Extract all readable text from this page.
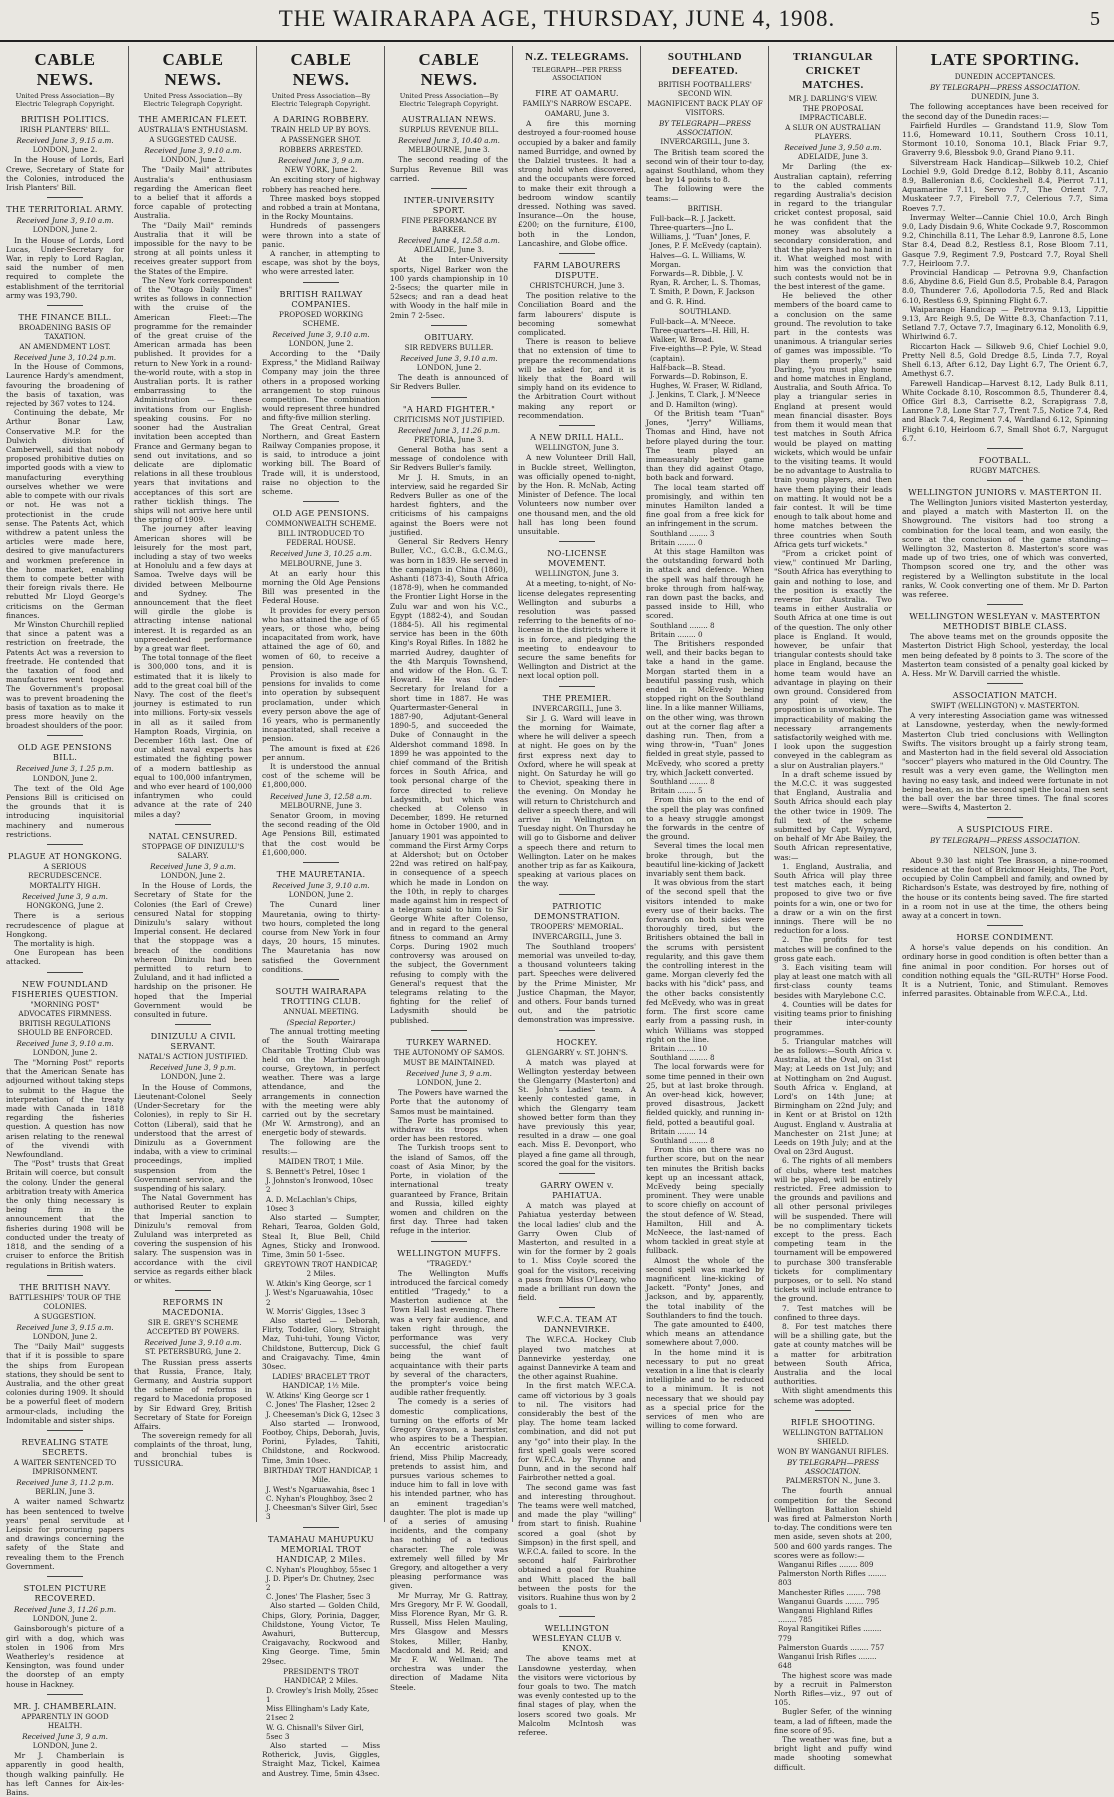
THE WAIRARAPA AGE, THURSDAY, JUNE 4, 1908.	5
CABLE NEWS.
United Press Association—By Electric Telegraph Copyright.
BRITISH POLITICS.
IRISH PLANTERS' BILL.
Received June 3, 9.15 a.m.
LONDON, June 2.

In the House of Lords, Earl Crewe, Secretary of State for the Colonies, introduced the Irish Planters' Bill.

THE TERRITORIAL ARMY.
Received June 3, 9.10 a.m.
LONDON, June 2.

In the House of Lords, Lord Lucas, Under-Secretary for War, in reply to Lord Raglan, said the number of men required to complete the establishment of the territorial army was 193,790.

THE FINANCE BILL.
BROADENING BASIS OF TAXATION.
AN AMENDMENT LOST.
Received June 3, 10.24 p.m.

In the House of Commons, Laurence Hardy's amendment, favouring the broadening of the basis of taxation, was rejected by 367 votes to 124.

Continuing the debate, Mr Arthur Bonar Law, Conservative M.P. for the Dulwich division of Camberwell, said that nobody proposed prohibitive duties on imported goods with a view to manufacturing everything ourselves whether we were able to compete with our rivals or not. He was not a protectionist in the crude sense. The Patents Act, which withdrew a patent unless the articles were made here, desired to give manufacturers and workmen preference in the home market, enabling them to compete better with their foreign rivals there. He rebutted Mr Lloyd George's criticisms on the German finances.

Mr Winston Churchill replied that since a patent was a restriction on freetrade, the Patents Act was a reversion to freetrade. He contended that the taxation of food and manufactures went together. The Government's proposal was to prevent broadening the basis of taxation as to make it press more heavily on the broadest shoulders of the poor.

OLD AGE PENSIONS BILL.
Received June 3, 1.25 p.m.
LONDON, June 2.

The text of the Old Age Pensions Bill is criticised on the grounds that it is introducing inquisitorial machinery and numerous restrictions.

PLAGUE AT HONGKONG.
A SERIOUS RECRUDESCENCE.
MORTALITY HIGH.
Received June 3, 9 a.m.
HONGKONG, June 2.

There is a serious recrudescence of plague at Hongkong.

The mortality is high.

One European has been attacked.

NEW FOUNDLAND FISHERIES QUESTION.
"MORNING POST" ADVOCATES FIRMNESS.
BRITISH REGULATIONS SHOULD BE ENFORCED.
Received June 3, 9.10 a.m.
LONDON, June 2.

The "Morning Post" reports that the American Senate has adjourned without taking steps to submit to the Hague the interpretation of the treaty made with Canada in 1818 regarding the fisheries question. A question has now arisen relating to the renewal of the vivendi with Newfoundland.

The "Post" trusts that Great Britain will coerce, but consult the colony. Under the general arbitration treaty with America the only thing necessary is being firm in the announcement that the fisheries during 1908 will be conducted under the treaty of 1818, and the sending of a cruiser to enforce the British regulations in British waters.

THE BRITISH NAVY.
BATTLESHIPS' TOUR OF THE COLONIES.
A SUGGESTION.
Received June 3, 9.15 a.m.
LONDON, June 2.

The "Daily Mail" suggests that if it is possible to spare the ships from European stations, they should be sent to Australia, and the other great colonies during 1909. It should be a powerful fleet of modern armour-clads, including the Indomitable and sister ships.

REVEALING STATE SECRETS.
A WAITER SENTENCED TO IMPRISONMENT.
Received June 3, 11.2 p.m.
BERLIN, June 3.

A waiter named Schwartz has been sentenced to twelve years' penal servitude at Leipsic for procuring papers and drawings concerning the safety of the State and revealing them to the French Government.

STOLEN PICTURE RECOVERED.
Received June 3, 11.26 p.m.
LONDON, June 2.

Gainsborough's picture of a girl with a dog, which was stolen in 1906 from Mrs Weatherley's residence at Kensington, was found under the doorstep of an empty house in Hackney.

MR. J. CHAMBERLAIN.
APPARENTLY IN GOOD HEALTH.
Received June 3, 9 a.m.
LONDON, June 2.

Mr J. Chamberlain is apparently in good health, though walking painfully. He has left Cannes for Aix-les-Bains.

CABLE NEWS.
United Press Association—By Electric Telegraph Copyright.
THE AMERICAN FLEET.
AUSTRALIA'S ENTHUSIASM.
A SUGGESTED CAUSE.
Received June 3, 9.10 a.m.
LONDON, June 2.

The "Daily Mail" attributes Australia's enthusiasm regarding the American fleet to a belief that it affords a force capable of protecting Australia.

The "Daily Mail" reminds Australia that it will be impossible for the navy to be strong at all points unless it receives greater support from the States of the Empire.

The New York correspondent of the "Otago Daily Times" writes as follows in connection with the cruise of the American Fleet:—The programme for the remainder of the great cruise of the American armada has been published. It provides for a return to New York in a round-the-world route, with a stop in Australian ports. It is rather embarrassing to the Administration — these invitations from our English-speaking cousins. For no sooner had the Australian invitation been accepted than France and Germany began to send out invitations, and so delicate are diplomatic relations in all these troublous years that invitations and acceptances of this sort are rather ticklish things. The ships will not arrive here until the spring of 1909.

The journey after leaving American shores will be leisurely for the most part, including a stay of two weeks at Honolulu and a few days at Samoa. Twelve days will be divided between Melbourne and Sydney. The announcement that the fleet will girdle the globe is attracting intense national interest. It is regarded as an unprecedented performance by a great war fleet.

The total tonnage of the fleet is 300,000 tons, and it is estimated that it is likely to add to the great coal bill of the Navy. The cost of the fleet's journey is estimated to run into millions. Forty-six vessels in all as it sailed from Hampton Roads, Virginia, on December 16th last. One of our ablest naval experts has estimated the fighting power of a modern battleship as equal to 100,000 infantrymen, and who ever heard of 100,000 infantrymen who could advance at the rate of 240 miles a day?

NATAL CENSURED.
STOPPAGE OF DINIZULU'S SALARY.
Received June 3, 9 a.m.
LONDON, June 2.

In the House of Lords, the Secretary of State for the Colonies (the Earl of Crewe) censured Natal for stopping Dinizulu's salary without Imperial consent. He declared that the stoppage was a breach of the conditions whereon Dinizulu had been permitted to return to Zululand, and it had inflicted a hardship on the prisoner. He hoped that the Imperial Government would be consulted in future.

DINIZULU A CIVIL SERVANT.
NATAL'S ACTION JUSTIFIED.
Received June 3, 9 p.m.
LONDON, June 2.

In the House of Commons, Lieutenant-Colonel Seely (Under-Secretary for the Colonies), in reply to Sir H. Cotton (Liberal), said that he understood that the arrest of Dinizulu as a Government indaba, with a view to criminal proceedings, implied suspension from the Government service, and the suspending of his salary.

The Natal Government has authorised Reuter to explain that Imperial sanction to Dinizulu's removal from Zululand was interpreted as covering the suspension of his salary. The suspension was in accordance with the civil service as regards either black or whites.

REFORMS IN MACEDONIA.
SIR E. GREY'S SCHEME ACCEPTED BY POWERS.
Received June 3, 9.10 a.m.
ST. PETERSBURG, June 2.

The Russian press asserts that Russia, France, Italy, Germany, and Austria support the scheme of reforms in regard to Macedonia proposed by Sir Edward Grey, British Secretary of State for Foreign Affairs.

The sovereign remedy for all complaints of the throat, lung, and bronchial tubes is TUSSICURA.

CABLE NEWS.
United Press Association—By Electric Telegraph Copyright.
A DARING ROBBERY.
TRAIN HELD UP BY BOYS.
A PASSENGER SHOT.
ROBBERS ARRESTED.
Received June 3, 9 a.m.
NEW YORK, June 2.

An exciting story of highway robbery has reached here.

Three masked boys stopped and robbed a train at Montana, in the Rocky Mountains.

Hundreds of passengers were thrown into a state of panic.

A rancher, in attempting to escape, was shot by the boys, who were arrested later.

BRITISH RAILWAY COMPANIES.
PROPOSED WORKING SCHEME.
Received June 3, 9.10 a.m.
LONDON, June 2.

According to the "Daily Express," the Midland Railway Company may join the three others in a proposed working arrangement to stop ruinous competition. The combination would represent three hundred and fifty-five million sterling.

The Great Central, Great Northern, and Great Eastern Railway Companies propose, it is said, to introduce a joint working bill. The Board of Trade will, it is understood, raise no objection to the scheme.

OLD AGE PENSIONS.
COMMONWEALTH SCHEME.
BILL INTRODUCED TO FEDERAL HOUSE.
Received June 3, 10.25 a.m.
MELBOURNE, June 3.

At an early hour this morning the Old Age Pensions Bill was presented in the Federal House.

It provides for every person who has attained the age of 65 years, or those who, being incapacitated from work, have attained the age of 60, and women of 60, to receive a pension.

Provision is also made for pensions for invalids to come into operation by subsequent proclamation, under which every person above the age of 16 years, who is permanently incapacitated, shall receive a pension.

The amount is fixed at £26 per annum.

It is understood the annual cost of the scheme will be £1,800,000.

Received June 3, 12.58 a.m.
MELBOURNE, June 3.

Senator Groom, in moving the second reading of the Old Age Pensions Bill, estimated that the cost would be £1,600,000.

THE MAURETANIA.
Received June 3, 9.10 a.m.
LONDON, June 2.

The Cunard liner Mauretania, owing to thirty-two hours, completed the long course from New York in four days, 20 hours, 15 minutes. The Mauretania has now satisfied the Government conditions.

SOUTH WAIRARAPA TROTTING CLUB.
ANNUAL MEETING.
(Special Reporter.)

The annual trotting meeting of the South Wairarapa Charitable Trotting Club was held on the Martinborough course, Greytown, in perfect weather. There was a large attendance, and the arrangements in connection with the meeting were ably carried out by the secretary (Mr W. Armstrong), and an energetic body of stewards.

The following are the results:—

MAIDEN TROT, 1 Mile.
S. Bennett's Petrel, 10sec 1
J. Johnston's Ironwood, 10sec 2
A. D. McLachlan's Chips, 10sec 3

Also started — Sumpter, Rehari, Tearoa, Golden Gold, Steal It, Blue Bell, Child Agnes, Sticky and Ironwood. Time, 3min 50 1-5sec.

GREYTOWN TROT HANDICAP, 2 Miles.
W. Atkin's King George, scr 1
J. West's Ngaruawahia, 10sec 2
W. Morris' Giggles, 13sec 3

Also started — Deborah, Flirty, Toddler, Glory, Straight Maz, Tuhi-tuhi, Young Victor, Childstone, Buttercup, Dick G and Craigavachy. Time, 4min 30sec.

LADIES' BRACELET TROT HANDICAP, 1½ Mile.
W. Atkins' King George scr 1
C. Jones' The Flasher, 12sec 2
J. Cheeseman's Dick G, 12sec 3

Also started — Ironwood, Footboy, Chips, Deborah, Juvis, Porini, Fylades, Tahiti, Childstone, and Rockwood. Time, 3min 10sec.

BIRTHDAY TROT HANDICAP, 1 Mile.
J. West's Ngaruawahia, 8sec 1
C. Nyhan's Ploughboy, 3sec 2
J. Cheesman's Silver Girl, 5sec 3
TAMAHAU MAHUPUKU MEMORIAL TROT HANDICAP, 2 Miles.
C. Nyhan's Ploughboy, 55sec 1
J. D. Piper's Dr. Chutney, 2sec 2
C. Jones' The Flasher, 5sec 3

Also started — Golden Child, Chips, Glory, Porinia, Dagger, Childstone, Young Victor, Te Awahuri, Buttercup, Craigavachy, Rockwood and King George. Time, 5min 29sec.

PRESIDENT'S TROT HANDICAP, 2 Miles.
D. Crowley's Irish Molly, 25sec 1
Miss Ellingham's Lady Kate, 21sec 2
W. G. Chisnall's Silver Girl, 5sec 3

Also started — Miss Rotherick, Juvis, Giggles, Straight Maz, Tickel, Kaimea and Austrey. Time, 5min 43sec.

CABLE NEWS.
United Press Association—By Electric Telegraph Copyright.
AUSTRALIAN NEWS.
SURPLUS REVENUE BILL.
Received June 3, 10.40 a.m.
MELBOURNE, June 3.

The second reading of the Surplus Revenue Bill was carried.

INTER-UNIVERSITY SPORT.
FINE PERFORMANCE BY BARKER.
Received June 4, 12.58 a.m.
ADELAIDE, June 3.

At the Inter-University sports, Nigel Barker won the 100 yards championship in 10 2-5secs; the quarter mile in 52secs; and ran a dead heat with Woody in the half mile in 2min 7 2-5sec.

OBITUARY.
SIR REDVERS BULLER.
Received June 3, 9.10 a.m.
LONDON, June 2.

The death is announced of Sir Redvers Buller.

"A HARD FIGHTER."
CRITICISMS NOT JUSTIFIED.
Received June 3, 11.26 p.m.
PRETORIA, June 3.

General Botha has sent a message of condolence with Sir Redvers Buller's family.

Mr J. H. Smuts, in an interview, said he regarded Sir Redvers Buller as one of the hardest fighters, and the criticisms of his campaigns against the Boers were not justified.

General Sir Redvers Henry Buller, V.C., G.C.B., G.C.M.G., was born in 1839. He served in the campaign in China (1860), Ashanti (1873-4), South Africa (1878-9), when he commanded the Frontier Light Horse in the Zulu war and won his V.C., Egypt (1882-4), and Soudan (1884-5). All his regimental service has been in the 60th King's Royal Rifles. In 1882 he married Audrey, daughter of the 4th Marquis Townshend, and widow of the Hon. G. T. Howard. He was Under-Secretary for Ireland for a short time in 1887. He was Quartermaster-General in 1887-90, Adjutant-General 1890-5, and succeeded the Duke of Connaught in the Aldershot command 1898. In 1899 he was appointed to the chief command of the British forces in South Africa, and took personal charge of the force directed to relieve Ladysmith, but which was checked at Colenso in December, 1899. He returned home in October 1900, and in January 1901 was appointed to command the First Army Corps at Aldershot; but on October 22nd was retired on half-pay, in consequence of a speech which he made in London on the 10th, in reply to charges made against him in respect of a telegram said to him to Sir George White after Colenso, and in regard to the general fitness to command an Army Corps. During 1902 much controversy was aroused on the subject, the Government refusing to comply with the General's request that the telegrams relating to the fighting for the relief of Ladysmith should be published.

TURKEY WARNED.
THE AUTONOMY OF SAMOS.
MUST BE MAINTAINED.
Received June 3, 9 a.m.
LONDON, June 2.

The Powers have warned the Porte that the autonomy of Samos must be maintained.

The Porte has promised to withdraw its troops when order has been restored.

The Turkish troops sent to the island of Samos, off the coast of Asia Minor, by the Porte, in violation of the international treaty guaranteed by France, Britain and Russia, killed eighty women and children on the first day. Three had taken refuge in the interior.

WELLINGTON MUFFS.
"TRAGEDY."

The Wellington Muffs introduced the farcical comedy entitled "Tragedy," to a Masterton audience at the Town Hall last evening. There was a very fair audience, and taken right through, the performance was very successful, the chief fault being the want of acquaintance with their parts by several of the characters, the prompter's voice being audible rather frequently.

The comedy is a series of domestic complications, turning on the efforts of Mr Gregory Grayson, a barrister, who aspires to be a Thespian. An eccentric aristocratic friend, Miss Philip Macready, pretends to assist him, and pursues various schemes to induce him to fall in love with his intended partner, who has an eminent tragedian's daughter. The plot is made up of a series of amusing incidents, and the company has nothing of a tedious character. The role was extremely well filled by Mr Gregory, and altogether a very pleasing performance was given.

Mr Murray, Mr G. Rattray, Mrs Gregory, Mr F. W. Goodall, Miss Florence Ryan, Mr G. R. Russell, Miss Helen Mauling, Mrs Glasgow and Messrs Stokes, Miller, Hanby, Macdonald and M. Reid; and Mr F. W. Wellman. The orchestra was under the direction of Madame Nita Steele.

N.Z. TELEGRAMS.
TELEGRAPH—PER PRESS ASSOCIATION
FIRE AT OAMARU.
FAMILY'S NARROW ESCAPE.
OAMARU, June 3.

A fire this morning destroyed a four-roomed house occupied by a baker and family named Burridge, and owned by the Dalziel trustees. It had a strong hold when discovered, and the occupants were forced to make their exit through a bedroom window scantily dressed. Nothing was saved. Insurance—On the house, £200; on the furniture, £100, both in the London, Lancashire, and Globe office.

FARM LABOURERS DISPUTE.
CHRISTCHURCH, June 3.

The position relative to the Conciliation Board and the farm labourers' dispute is becoming somewhat complicated.

There is reason to believe that no extension of time to prepare the recommendations will be asked for, and it is likely that the Board will simply hand on its evidence to the Arbitration Court without making any report or recommendation.

A NEW DRILL HALL.
WELLINGTON, June 3.

A new Volunteer Drill Hall, in Buckle street, Wellington, was officially opened to-night, by the Hon. R. McNab, Acting Minister of Defence. The local Volunteers now number over one thousand men, and the old hall has long been found unsuitable.

NO-LICENSE MOVEMENT.
WELLINGTON, June 3.

At a meeting, to-night, of No-license delegates representing Wellington and suburbs a resolution was passed referring to the benefits of no-license in the districts where it is in force, and pledging the meeting to endeavour to secure the same benefits for Wellington and District at the next local option poll.

THE PREMIER.
INVERCARGILL, June 3.

Sir J. G. Ward will leave in the morning for Waimate, where he will deliver a speech at night. He goes on by the first express next day to Oxford, where he will speak at night. On Saturday he will go to Cheviot, speaking there in the evening. On Monday he will return to Christchurch and deliver a speech there, and will arrive in Wellington on Tuesday night. On Thursday he will go to Gisborne and deliver a speech there and return to Wellington. Later on he makes another trip as far as Kaikoura, speaking at various places on the way.

PATRIOTIC DEMONSTRATION.
TROOPERS' MEMORIAL.
INVERCARGILL, June 3.

The Southland troopers' memorial was unveiled to-day, a thousand volunteers taking part. Speeches were delivered by the Prime Minister, Mr Justice Chapman, the Mayor, and others. Four bands turned out, and the patriotic demonstration was impressive.

HOCKEY.
GLENGARRY v. ST. JOHN'S.

A match was played at Wellington yesterday between the Glengarry (Masterton) and St. John's Ladies' team. A keenly contested game, in which the Glengarry team showed better form than they have previously this year, resulted in a draw — one goal each. Miss E. Devonport, who played a fine game all through, scored the goal for the visitors.

GARRY OWEN v. PAHIATUA.

A match was played at Pahiatua yesterday between the local ladies' club and the Garry Owen Club of Masterton, and resulted in a win for the former by 2 goals to 1. Miss Coyle scored the goal for the visitors, receiving a pass from Miss O'Leary, who made a brilliant run down the field.

W.F.C.A. TEAM AT DANNEVIRKE.

The W.F.C.A. Hockey Club played two matches at Dannevirke yesterday, one against Dannevirke A team and the other against Ruahine.

In the first match W.F.C.A. came off victorious by 3 goals to nil. The visitors had considerably the best of the play. The home team lacked combination, and did not put any "go" into their play. In the first spell goals were scored for W.F.C.A. by Thynne and Dunn, and in the second half Fairbrother netted a goal.

The second game was fast and interesting throughout. The teams were well matched, and made the play "willing" from start to finish. Ruahine scored a goal (shot by Simpson) in the first spell, and W.F.C.A. failed to score. In the second half Fairbrother obtained a goal for Ruahine and Whitt placed the ball between the posts for the visitors. Ruahine thus won by 2 goals to 1.

WELLINGTON WESLEYAN CLUB v. KNOX.

The above teams met at Lansdowne yesterday, when the visitors were victorious by four goals to two. The match was evenly contested up to the final stages of play, when the losers scored two goals. Mr Malcolm McIntosh was referee.

SOUTHLAND DEFEATED.
BRITISH FOOTBALLERS' SECOND WIN.
MAGNIFICENT BACK PLAY OF VISITORS.
BY TELEGRAPH—PRESS ASSOCIATION.
INVERCARGILL, June 3.

The British team scored the second win of their tour to-day, against Southland, whom they beat by 14 points to 8.

The following were the teams:—

BRITISH.
Full-back—R. J. Jackett.
Three-quarters—Jno L. Williams, J. "Tuan" Jones, F. Jones, P. F. McEvedy (captain).
Halves—G. L. Williams, W. Morgan.
Forwards—R. Dibble, J. V. Ryan, R. Archer, L. S. Thomas, T. Smith, P. Down, F. Jackson and G. R. Hind.
SOUTHLAND.
Full-back—A. M'Neece.
Three-quarters—H. Hill, H. Walker, W. Broad.
Five-eighths—P. Pyle, W. Stead (captain).
Half-back—B. Stead.
Forwards—D. Robinson, E. Hughes, W. Fraser, W. Ridland, J. Jenkins, T. Clark, J. M'Neece and D. Hamilton (wing).

Of the British team "Tuan" Jones, "Jerry" Williams, Thomas and Hind, have not before played during the tour. The team played an immeasurably better game than they did against Otago, both back and forward.

The local team started off promisingly, and within ten minutes Hamilton landed a fine goal from a free kick for an infringement in the scrum.

Southland ........ 3
Britain ........ 0

At this stage Hamilton was the outstanding forward both in attack and defence. When the spell was half through he broke through from half-way, ran down past the backs, and passed inside to Hill, who scored.

Southland ........ 8
Britain ........ 0

The Britishers responded well, and their backs began to take a hand in the game. Morgan started them in a beautiful passing rush, which ended in McEvedy being stopped right on the Southland line. In a like manner Williams, on the other wing, was thrown out at the corner flag after a dashing run. Then, from a wing throw-in, "Tuan" Jones fielded in great style, passed to McEvedy, who scored a pretty try, which Jackett converted.

Southland ........ 8
Britain ........ 5

From this on to the end of the spell the play was confined to a heavy struggle amongst the forwards in the centre of the ground.

Several times the local men broke through, but the beautiful line-kicking of Jackett invariably sent them back.

It was obvious from the start of the second spell that the visitors intended to make every use of their backs. The forwards on both sides were thoroughly tired, but the Britishers obtained the ball in the scrums with persistent regularity, and this gave them the controlling interest in the game. Morgan cleverly fed the backs with his "dick" pass, and the other backs consistently fed McEvedy, who was in great form. The first score came early from a passing rush, in which Williams was stopped right on the line.

Britain ........ 10
Southland ........ 8

The local forwards were for some time penned in their own 25, but at last broke through. An over-head kick, however, proved disastrous, Jackett fielded quickly, and running in-field, potted a beautiful goal.

Britain ........ 14
Southland ........ 8

From this on there was no further score, but on the near ten minutes the British backs kept up an incessant attack, McEvedy being specially prominent. They were unable to score chiefly on account of the stout defence of W. Stead, Hamilton, Hill and A. McNeece, the last-named of whom tackled in great style at fullback.

Almost the whole of the second spell was marked by magnificent line-kicking of Jackett. "Ponty" Jones, and Jackson, and by, apparently, the total inability of the Southlanders to find the touch.

The gate amounted to £400, which means an attendance somewhere about 7,000.

In the home mind it is necessary to put no great vexation in a line that is clearly intelligible and to be reduced to a minimum. It is not necessary that we should pay as a special price for the services of men who are willing to come forward.

TRIANGULAR CRICKET MATCHES.
MR J. DARLING'S VIEW.
THE PROPOSAL IMPRACTICABLE.
A SLUR ON AUSTRALIAN PLAYERS.
Received June 3, 9.50 a.m.
ADELAIDE, June 3.

Mr Darling (the ex-Australian captain), referring to the cabled comments regarding Australia's decision in regard to the triangular cricket contest proposal, said he was confident that the money was absolutely a secondary consideration, and that the players had no hand in it. What weighed most with him was the conviction that such contests would not be in the best interest of the game.

He believed the other members of the board came to a conclusion on the same ground. The revolution to take part in the contests was unanimous. A triangular series of games was impossible. "To play them properly," said Darling, "you must play home and home matches in England, Australia, and South Africa. To play a triangular series in England at present would mean financial disaster. Boys from them it would mean that test matches in South Africa would be played on matting wickets, which would be unfair to the visiting teams. It would be no advantage to Australia to train young players, and then have them playing their leads on matting. It would not be a fair contest. It will be time enough to talk about home and home matches between the three countries when South Africa gets turf wickets."

"From a cricket point of view," continued Mr Darling, "South Africa has everything to gain and nothing to lose, and the position is exactly the reverse for Australia. Two teams in either Australia or South Africa at one time is out of the question. The only other place is England. It would, however, be unfair that triangular contests should take place in England, because the home team would have an advantage in playing on their own ground. Considered from any point of view, the proposition is unworkable. The impracticability of making the necessary arrangements satisfactorily weighed with me. I look upon the suggestion conveyed in the cablegram as a slur on Australian players."

In a draft scheme issued by the M.C.C. it was suggested that England, Australia and South Africa should each play the other twice in 1909. The full text of the scheme submitted by Capt. Wynyard, on behalf of Mr Abe Bailey, the South African representative, was:—

1. England, Australia, and South Africa will play three test matches each, it being proposed to give two or five points for a win, one or two for a draw or a win on the first innings. There will be no reduction for a loss.

2. The profits for test matches will be confined to the gross gate each.

3. Each visiting team will play at least one match with all first-class county teams besides with Marylebone C.C.

4. Counties will be dates for visiting teams prior to finishing their inter-county programmes.

5. Triangular matches will be as follows:—South Africa v. Australia, at the Oval, on 31st May; at Leeds on 1st July; and at Nottingham on 2nd August. South Africa v. England, at Lord's on 14th June; at Birmingham on 22nd July; and in Kent or at Bristol on 12th August. England v. Australia at Manchester on 21st June; at Leeds on 19th July; and at the Oval on 23rd August.

6. The rights of all members of clubs, where test matches will be played, will be entirely restricted. Free admission to the grounds and pavilions and all other personal privileges will be suspended. There will be no complimentary tickets except to the press. Each competing team in the tournament will be empowered to purchase 300 transferable tickets for complimentary purposes, or to sell. No stand tickets will include entrance to the ground.

7. Test matches will be confined to three days.

8. For test matches there will be a shilling gate, but the gate at county matches will be a matter for arbitration between South Africa, Australia and the local authorities.

With slight amendments this scheme was adopted.

RIFLE SHOOTING.
WELLINGTON BATTALION SHIELD.
WON BY WANGANUI RIFLES.
BY TELEGRAPH—PRESS ASSOCIATION.
PALMERSTON N., June 3.

The fourth annual competition for the Second Wellington Battalion shield was fired at Palmerston North to-day. The conditions were ten men aside, seven shots at 200, 500 and 600 yards ranges. The scores were as follow:—

Wanganui Rifles ........ 809
Palmerston North Rifles ........ 803
Manchester Rifles ........ 798
Wanganui Guards ........ 795
Wanganui Highland Rifles ........ 785
Royal Rangitikei Rifles ........ 779
Palmerston Guards ........ 757
Wanganui Irish Rifles ........ 648

The highest score was made by a recruit in Palmerston North Rifles—viz., 97 out of 105.

Bugler Sefer, of the winning team, a lad of fifteen, made the fine score of 95.

The weather was fine, but a bright light and puffy wind made shooting somewhat difficult.

LATE SPORTING.
DUNEDIN ACCEPTANCES.
BY TELEGRAPH—PRESS ASSOCIATION.
DUNEDIN, June 3.

The following acceptances have been received for the second day of the Dunedin races:—

Fairfield Hurdles — Grandstand 11.9, Slow Tom 11.6, Homeward 10.11, Southern Cross 10.11, Stormont 10.10, Sonoma 10.1, Black Friar 9.7, Graverry 9.6, Blessbok 9.0, Grand Piano 9.11.

Silverstream Hack Handicap—Silkweb 10.2, Chief Lochiel 9.9, Gold Dredge 8.12, Bobby 8.11, Ascanio 8.9, Balleronian 8.6, Cockleshell 8.4, Pierrot 7.11, Aquamarine 7.11, Servo 7.7, The Orient 7.7, Muskateer 7.7, Fireboll 7.7, Celerious 7.7, Sima Roeves 7.7.

Invermay Welter—Cannie Chiel 10.0, Arch Bingh 9.0, Lady Disdain 9.6, White Cockade 9.7, Roscommon 9.2, Chinchilla 8.11, The Lehar 8.9, Lanrone 8.5, Lone Star 8.4, Dead 8.2, Restless 8.1, Rose Bloom 7.11, Gasque 7.9, Regiment 7.9, Postcard 7.7, Royal Shell 7.7, Heirloom 7.7.

Provincial Handicap — Petrovna 9.9, Chanfaction 8.6, Abydine 8.6, Field Gun 8.5, Probable 8.4, Paragon 8.0, Thunderer 7.6, Apollodoria 7.5, Red and Black 6.10, Restless 6.9, Spinning Flight 6.7.

Waiparango Handicap — Petrovna 9.13, Lippittie 9.13, Arc Reigh 9.5, De Witte 8.3, Chanfaction 7.11, Setland 7.7, Octave 7.7, Imaginary 6.12, Monolith 6.9, Whirlwind 6.7.

Riccarton Hack — Silkweb 9.6, Chief Lochiel 9.0, Pretty Nell 8.5, Gold Dredge 8.5, Linda 7.7, Royal Shell 6.13, After 6.12, Day Light 6.7, The Orient 6.7, Amethyst 6.7.

Farewell Handicap—Harvest 8.12, Lady Bulk 8.11, White Cockade 8.10, Roscommon 8.5, Thunderer 8.4, Office Girl 8.3, Carrisette 8.2, Scrapigrass 7.8, Lanrone 7.8, Lone Star 7.7, Trent 7.5, Notice 7.4, Red and Black 7.4, Regiment 7.4, Wardland 6.12, Spinning Flight 6.10, Heirloom 6.7, Small Shot 6.7, Nargugut 6.7.

FOOTBALL.
RUGBY MATCHES.
WELLINGTON JUNIORS v. MASTERTON II.

The Wellington Juniors visited Masterton yesterday, and played a match with Masterton II. on the Showground. The visitors had too strong a combination for the local team, and won easily, the score at the conclusion of the game standing—Wellington 32, Masterton 8. Masterton's score was made up of two tries, one of which was converted, Thompson scored one try, and the other was registered by a Wellington substitute in the local ranks, W. Cook converting one of them. Mr D. Parton was referee.

WELLINGTON WESLEYAN v. MASTERTON METHODIST BIBLE CLASS.

The above teams met on the grounds opposite the Masterton District High School, yesterday, the local men being defeated by 8 points to 3. The score of the Masterton team consisted of a penalty goal kicked by A. Hess. Mr W. Darvill carried the whistle.

ASSOCIATION MATCH.
SWIFT (WELLINGTON) v. MASTERTON.

A very interesting Association game was witnessed at Lansdowne, yesterday, when the newly-formed Masterton Club tried conclusions with Wellington Swifts. The visitors brought up a fairly strong team, and Masterton had in the field several old Association "soccer" players who matured in the Old Country. The result was a very even game, the Wellington men having no easy task, and indeed were fortunate in not being beaten, as in the second spell the local men sent the ball over the bar three times. The final scores were—Swifts 4, Masterton 2.

A SUSPICIOUS FIRE.
BY TELEGRAPH—PRESS ASSOCIATION.
NELSON, June 3.

About 9.30 last night Tee Brasson, a nine-roomed residence at the foot of Brickmoor Heights, The Port, occupied by Colin Campbell and family, and owned by Richardson's Estate, was destroyed by fire, nothing of the house or its contents being saved. The fire started in a room not in use at the time, the others being away at a concert in town.

HORSE CONDIMENT.

A horse's value depends on his condition. An ordinary horse in good condition is often better than a fine animal in poor condition. For horses out of condition nothing equals the "GIL-RUTH" Horse Food. It is a Nutrient, Tonic, and Stimulant. Removes inferred parasites. Obtainable from W.F.C.A., Ltd.
